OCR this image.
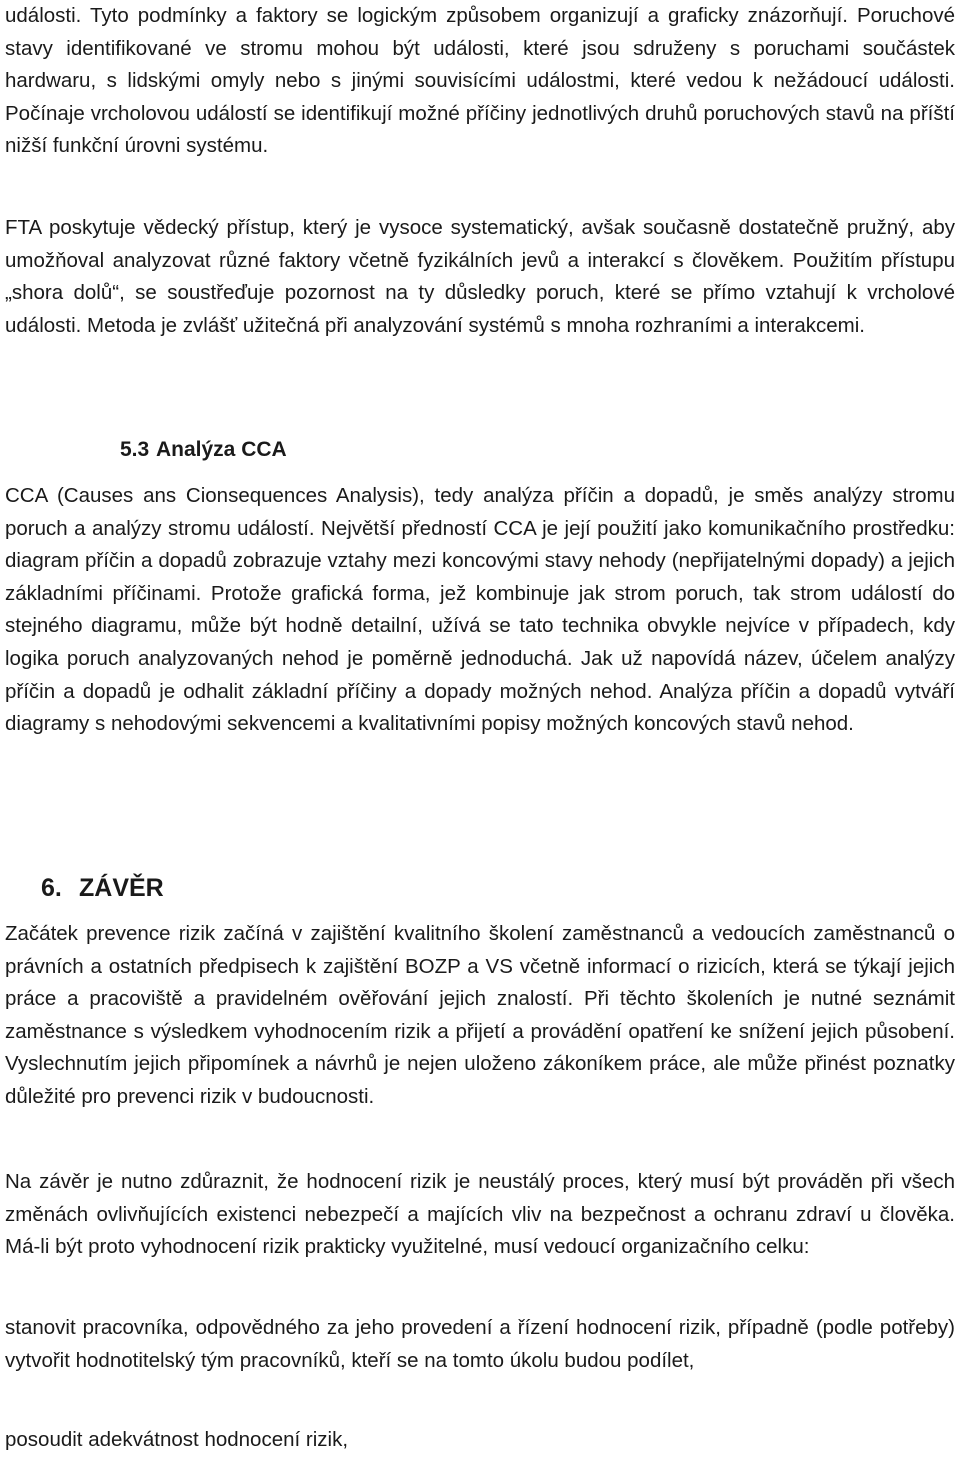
události. Tyto podmínky a faktory se logickým způsobem organizují a graficky znázorňují. Poruchové stavy identifikované ve stromu mohou být události, které jsou sdruženy s poruchami součástek hardwaru, s lidskými omyly nebo s jinými souvisícími událostmi, které vedou k nežádoucí události. Počínaje vrcholovou událostí se identifikují možné příčiny jednotlivých druhů poruchových stavů na příští nižší funkční úrovni systému.

FTA poskytuje vědecký přístup, který je vysoce systematický, avšak současně dostatečně pružný, aby umožňoval analyzovat různé faktory včetně fyzikálních jevů a interakcí s člověkem. Použitím přístupu „shora dolů“, se soustřeďuje pozornost na ty důsledky poruch, které se přímo vztahují k vrcholové události. Metoda je zvlášť užitečná při analyzování systémů s mnoha rozhraními a interakcemi.

5.3 Analýza CCA

CCA (Causes ans Cionsequences Analysis), tedy analýza příčin a dopadů, je směs analýzy stromu poruch a analýzy stromu událostí. Největší předností CCA je její použití jako komunikačního prostředku: diagram příčin a dopadů zobrazuje vztahy mezi koncovými stavy nehody (nepřijatelnými dopady) a jejich základními příčinami. Protože grafická forma, jež kombinuje jak strom poruch, tak strom událostí do stejného diagramu, může být hodně detailní, užívá se tato technika obvykle nejvíce v případech, kdy logika poruch analyzovaných nehod je poměrně jednoduchá. Jak už napovídá název, účelem analýzy příčin a dopadů je odhalit základní příčiny a dopady možných nehod. Analýza příčin a dopadů vytváří diagramy s nehodovými sekvencemi a kvalitativními popisy možných koncových stavů nehod.

6. ZÁVĚR

Začátek prevence rizik začíná v zajištění kvalitního školení zaměstnanců a vedoucích zaměstnanců o právních a ostatních předpisech k zajištění BOZP a VS včetně informací o rizicích, která se týkají jejich práce a pracoviště a pravidelném ověřování jejich znalostí. Při těchto školeních je nutné seznámit zaměstnance s výsledkem vyhodnocením rizik a přijetí a provádění opatření ke snížení jejich působení. Vyslechnutím jejich připomínek a návrhů je nejen uloženo zákoníkem práce, ale může přinést poznatky důležité pro prevenci rizik v budoucnosti.

Na závěr je nutno zdůraznit, že hodnocení rizik je neustálý proces, který musí být prováděn při všech změnách ovlivňujících existenci nebezpečí a majících vliv na bezpečnost a ochranu zdraví u člověka. Má-li být proto vyhodnocení rizik prakticky využitelné, musí vedoucí organizačního celku:

stanovit pracovníka, odpovědného za jeho provedení a řízení hodnocení rizik, případně (podle potřeby) vytvořit hodnotitelský tým pracovníků, kteří se na tomto úkolu budou podílet,

posoudit adekvátnost hodnocení rizik,
